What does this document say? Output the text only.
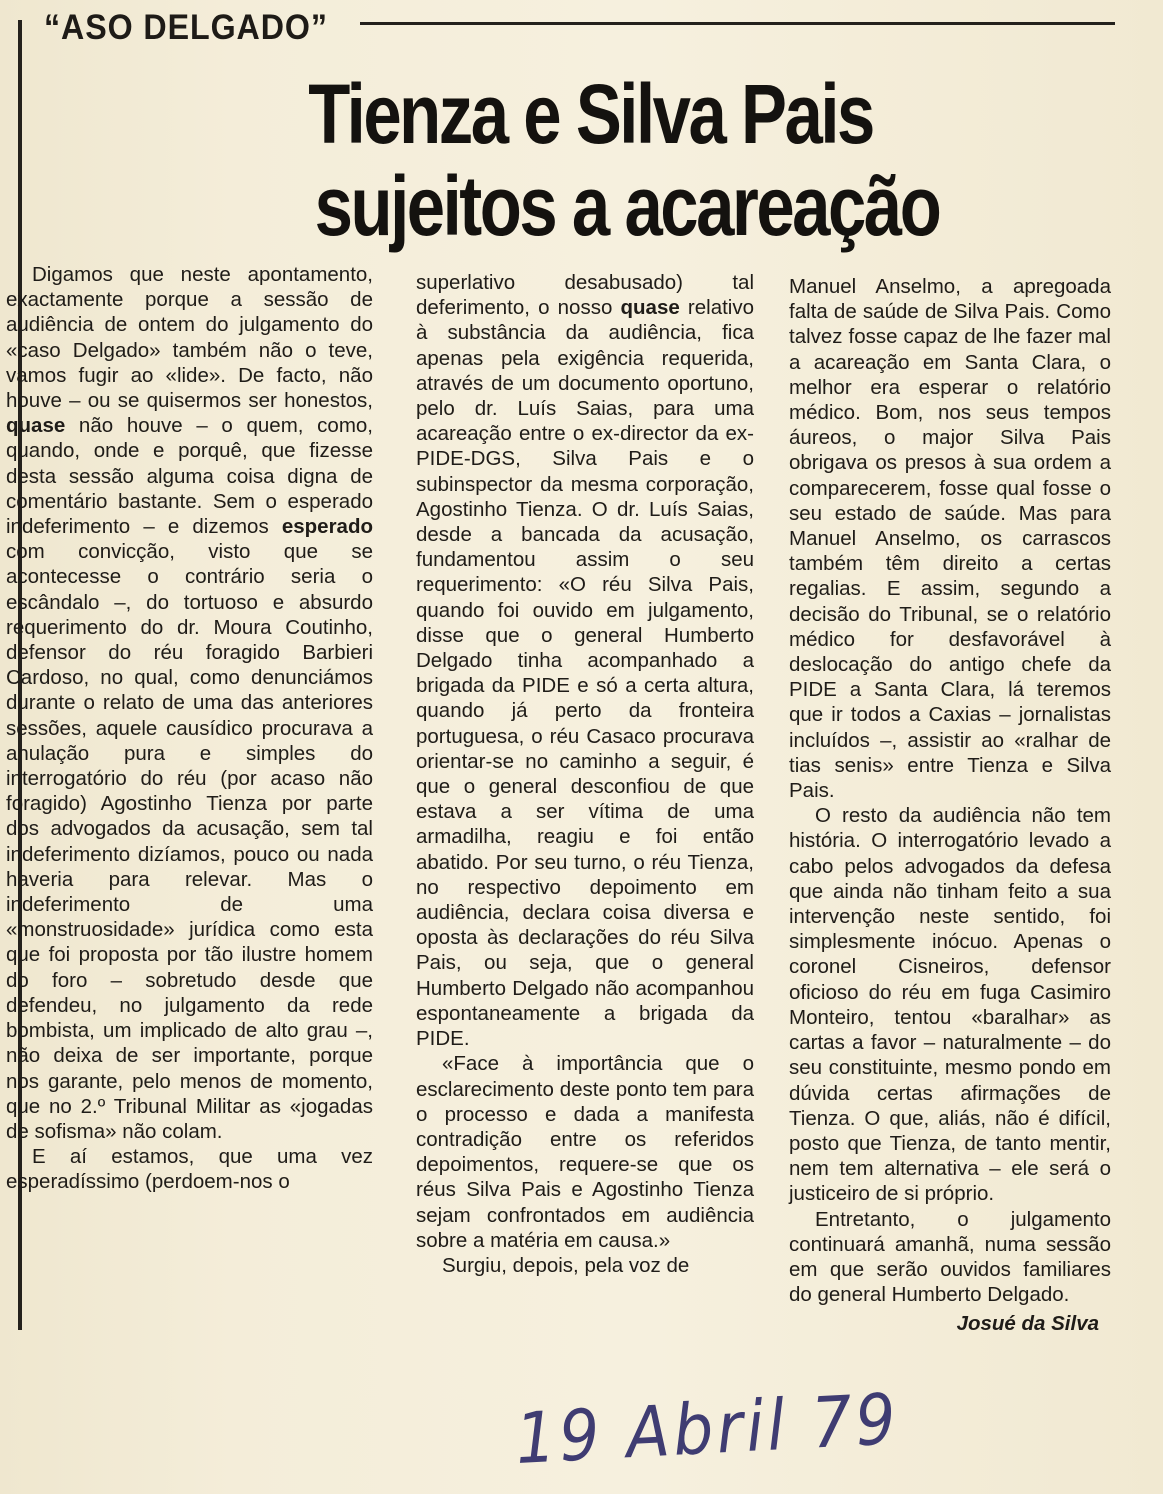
“ASO DELGADO”
Tienza e Silva Pais
sujeitos a acareação

Digamos que neste apontamento, exactamente porque a sessão de audiência de ontem do julgamento do «caso Delgado» também não o teve, vamos fugir ao «lide». De facto, não houve – ou se quisermos ser honestos, quase não houve – o quem, como, quando, onde e porquê, que fizesse desta sessão alguma coisa digna de comentário bastante. Sem o esperado indeferimento – e dizemos esperado com convicção, visto que se acontecesse o contrário seria o escândalo –, do tortuoso e absurdo requerimento do dr. Moura Coutinho, defensor do réu foragido Barbieri Cardoso, no qual, como denunciámos durante o relato de uma das anteriores sessões, aquele causídico procurava a anulação pura e simples do interrogatório do réu (por acaso não foragido) Agostinho Tienza por parte dos advogados da acusação, sem tal indeferimento dizíamos, pouco ou nada haveria para relevar. Mas o indeferimento de uma «monstruosidade» jurídica como esta que foi proposta por tão ilustre homem do foro – sobretudo desde que defendeu, no julgamento da rede bombista, um implicado de alto grau –, não deixa de ser importante, porque nos garante, pelo menos de momento, que no 2.º Tribunal Militar as «jogadas de sofisma» não colam.

E aí estamos, que uma vez esperadíssimo (perdoem-nos o

superlativo desabusado) tal deferimento, o nosso quase relativo à substância da audiência, fica apenas pela exigência requerida, através de um documento oportuno, pelo dr. Luís Saias, para uma acareação entre o ex-director da ex-PIDE-DGS, Silva Pais e o subinspector da mesma corporação, Agostinho Tienza. O dr. Luís Saias, desde a bancada da acusação, fundamentou assim o seu requerimento: «O réu Silva Pais, quando foi ouvido em julgamento, disse que o general Humberto Delgado tinha acompanhado a brigada da PIDE e só a certa altura, quando já perto da fronteira portuguesa, o réu Casaco procurava orientar-se no caminho a seguir, é que o general desconfiou de que estava a ser vítima de uma armadilha, reagiu e foi então abatido. Por seu turno, o réu Tienza, no respectivo depoimento em audiência, declara coisa diversa e oposta às declarações do réu Silva Pais, ou seja, que o general Humberto Delgado não acompanhou espontaneamente a brigada da PIDE.

«Face à importância que o esclarecimento deste ponto tem para o processo e dada a manifesta contradição entre os referidos depoimentos, requere-se que os réus Silva Pais e Agostinho Tienza sejam confrontados em audiência sobre a matéria em causa.»

Surgiu, depois, pela voz de

Manuel Anselmo, a apregoada falta de saúde de Silva Pais. Como talvez fosse capaz de lhe fazer mal a acareação em Santa Clara, o melhor era esperar o relatório médico. Bom, nos seus tempos áureos, o major Silva Pais obrigava os presos à sua ordem a comparecerem, fosse qual fosse o seu estado de saúde. Mas para Manuel Anselmo, os carrascos também têm direito a certas regalias. E assim, segundo a decisão do Tribunal, se o relatório médico for desfavorável à deslocação do antigo chefe da PIDE a Santa Clara, lá teremos que ir todos a Caxias – jornalistas incluídos –, assistir ao «ralhar de tias senis» entre Tienza e Silva Pais.

O resto da audiência não tem história. O interrogatório levado a cabo pelos advogados da defesa que ainda não tinham feito a sua intervenção neste sentido, foi simplesmente inócuo. Apenas o coronel Cisneiros, defensor oficioso do réu em fuga Casimiro Monteiro, tentou «baralhar» as cartas a favor – naturalmente – do seu constituinte, mesmo pondo em dúvida certas afirmações de Tienza. O que, aliás, não é difícil, posto que Tienza, de tanto mentir, nem tem alternativa – ele será o justiceiro de si próprio.

Entretanto, o julgamento continuará amanhã, numa sessão em que serão ouvidos familiares do general Humberto Delgado.

Josué da Silva
19 Abril 79
